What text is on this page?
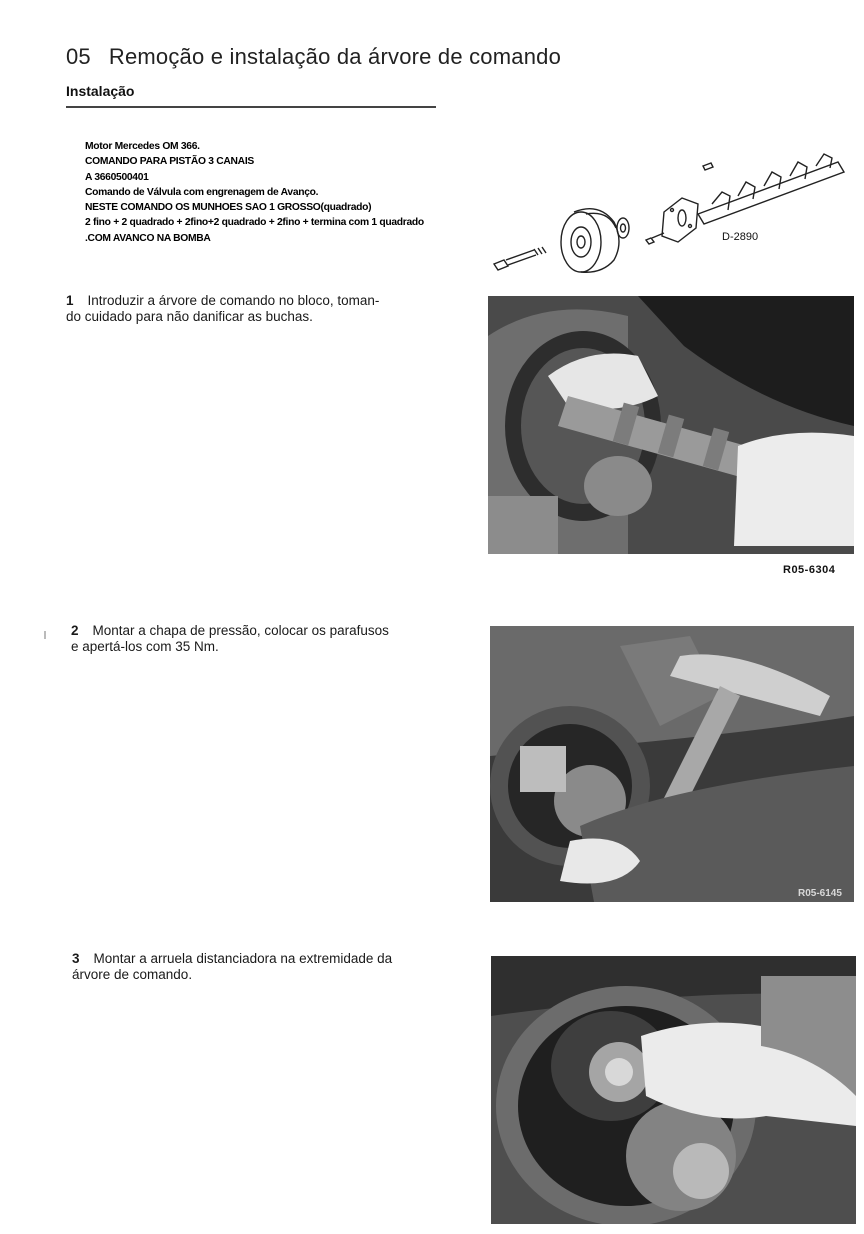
05 Remoção e instalação da árvore de comando
Instalação
Motor Mercedes OM 366.
COMANDO PARA PISTÃO 3 CANAIS
A 3660500401
Comando de Válvula com engrenagem de Avanço.
NESTE COMANDO OS MUNHOES SAO 1 GROSSO(quadrado)
2 fino + 2 quadrado + 2fino+2 quadrado + 2fino + termina com 1 quadrado
.COM AVANCO NA BOMBA	D-2890
1 Introduzir a árvore de comando no bloco, toman-
do cuidado para não danificar as buchas.
R05-6304
2 Montar a chapa de pressão, colocar os parafusos
e apertá-los com 35 Nm.
R05-6145
3 Montar a arruela distanciadora na extremidade da
árvore de comando.
